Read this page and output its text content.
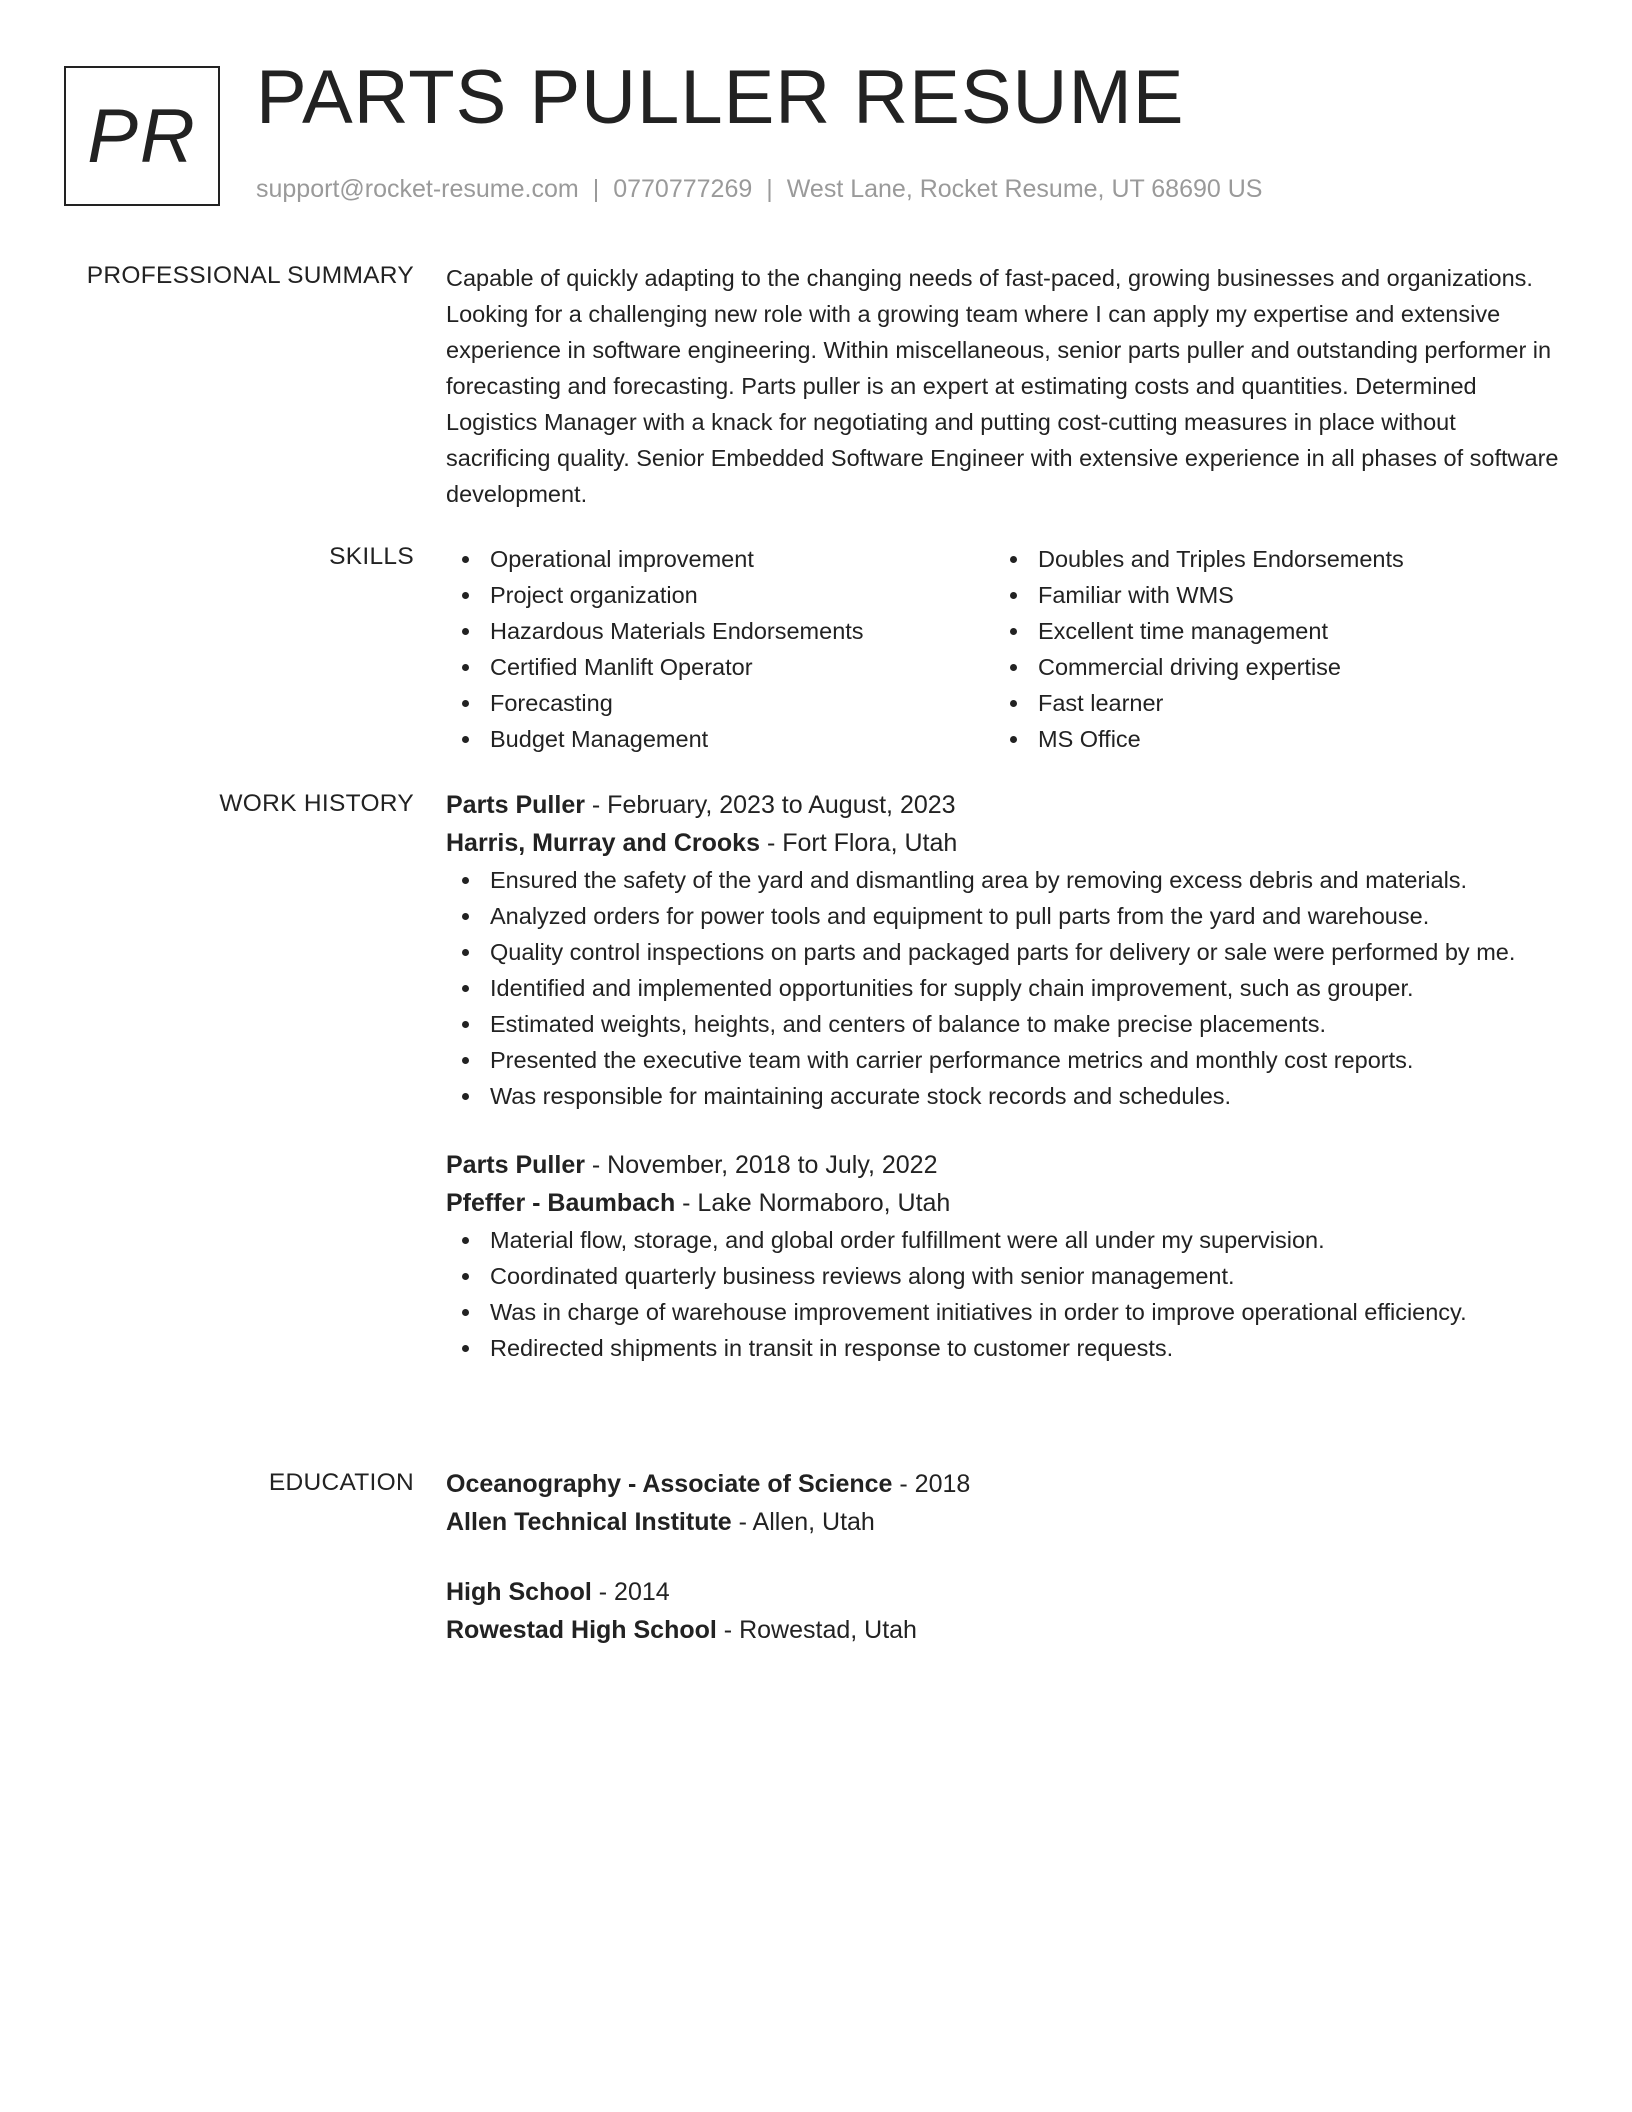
PR PARTS PULLER RESUME
support@rocket-resume.com | 0770777269 | West Lane, Rocket Resume, UT 68690 US
PROFESSIONAL SUMMARY Capable of quickly adapting to the changing needs of fast-paced, growing businesses and organizations. Looking for a challenging new role with a growing team where I can apply my expertise and extensive experience in software engineering. Within miscellaneous, senior parts puller and outstanding performer in forecasting and forecasting. Parts puller is an expert at estimating costs and quantities. Determined Logistics Manager with a knack for negotiating and putting cost-cutting measures in place without sacrificing quality. Senior Embedded Software Engineer with extensive experience in all phases of software development.

SKILLS	Operational improvement
Project organization
Hazardous Materials Endorsements
Certified Manlift Operator
Forecasting
Budget Management
Doubles and Triples Endorsements
Familiar with WMS
Excellent time management
Commercial driving expertise
Fast learner
MS Office
WORK HISTORY Parts Puller - February, 2023 to August, 2023
Harris, Murray and Crooks - Fort Flora, Utah
Ensured the safety of the yard and dismantling area by removing excess debris and materials.
Analyzed orders for power tools and equipment to pull parts from the yard and warehouse.
Quality control inspections on parts and packaged parts for delivery or sale were performed by me.
Identified and implemented opportunities for supply chain improvement, such as grouper.
Estimated weights, heights, and centers of balance to make precise placements.
Presented the executive team with carrier performance metrics and monthly cost reports.
Was responsible for maintaining accurate stock records and schedules.
Parts Puller - November, 2018 to July, 2022
Pfeffer - Baumbach - Lake Normaboro, Utah
Material flow, storage, and global order fulfillment were all under my supervision.
Coordinated quarterly business reviews along with senior management.
Was in charge of warehouse improvement initiatives in order to improve operational efficiency.
Redirected shipments in transit in response to customer requests.
EDUCATION Oceanography - Associate of Science - 2018
Allen Technical Institute - Allen, Utah
High School - 2014
Rowestad High School - Rowestad, Utah
